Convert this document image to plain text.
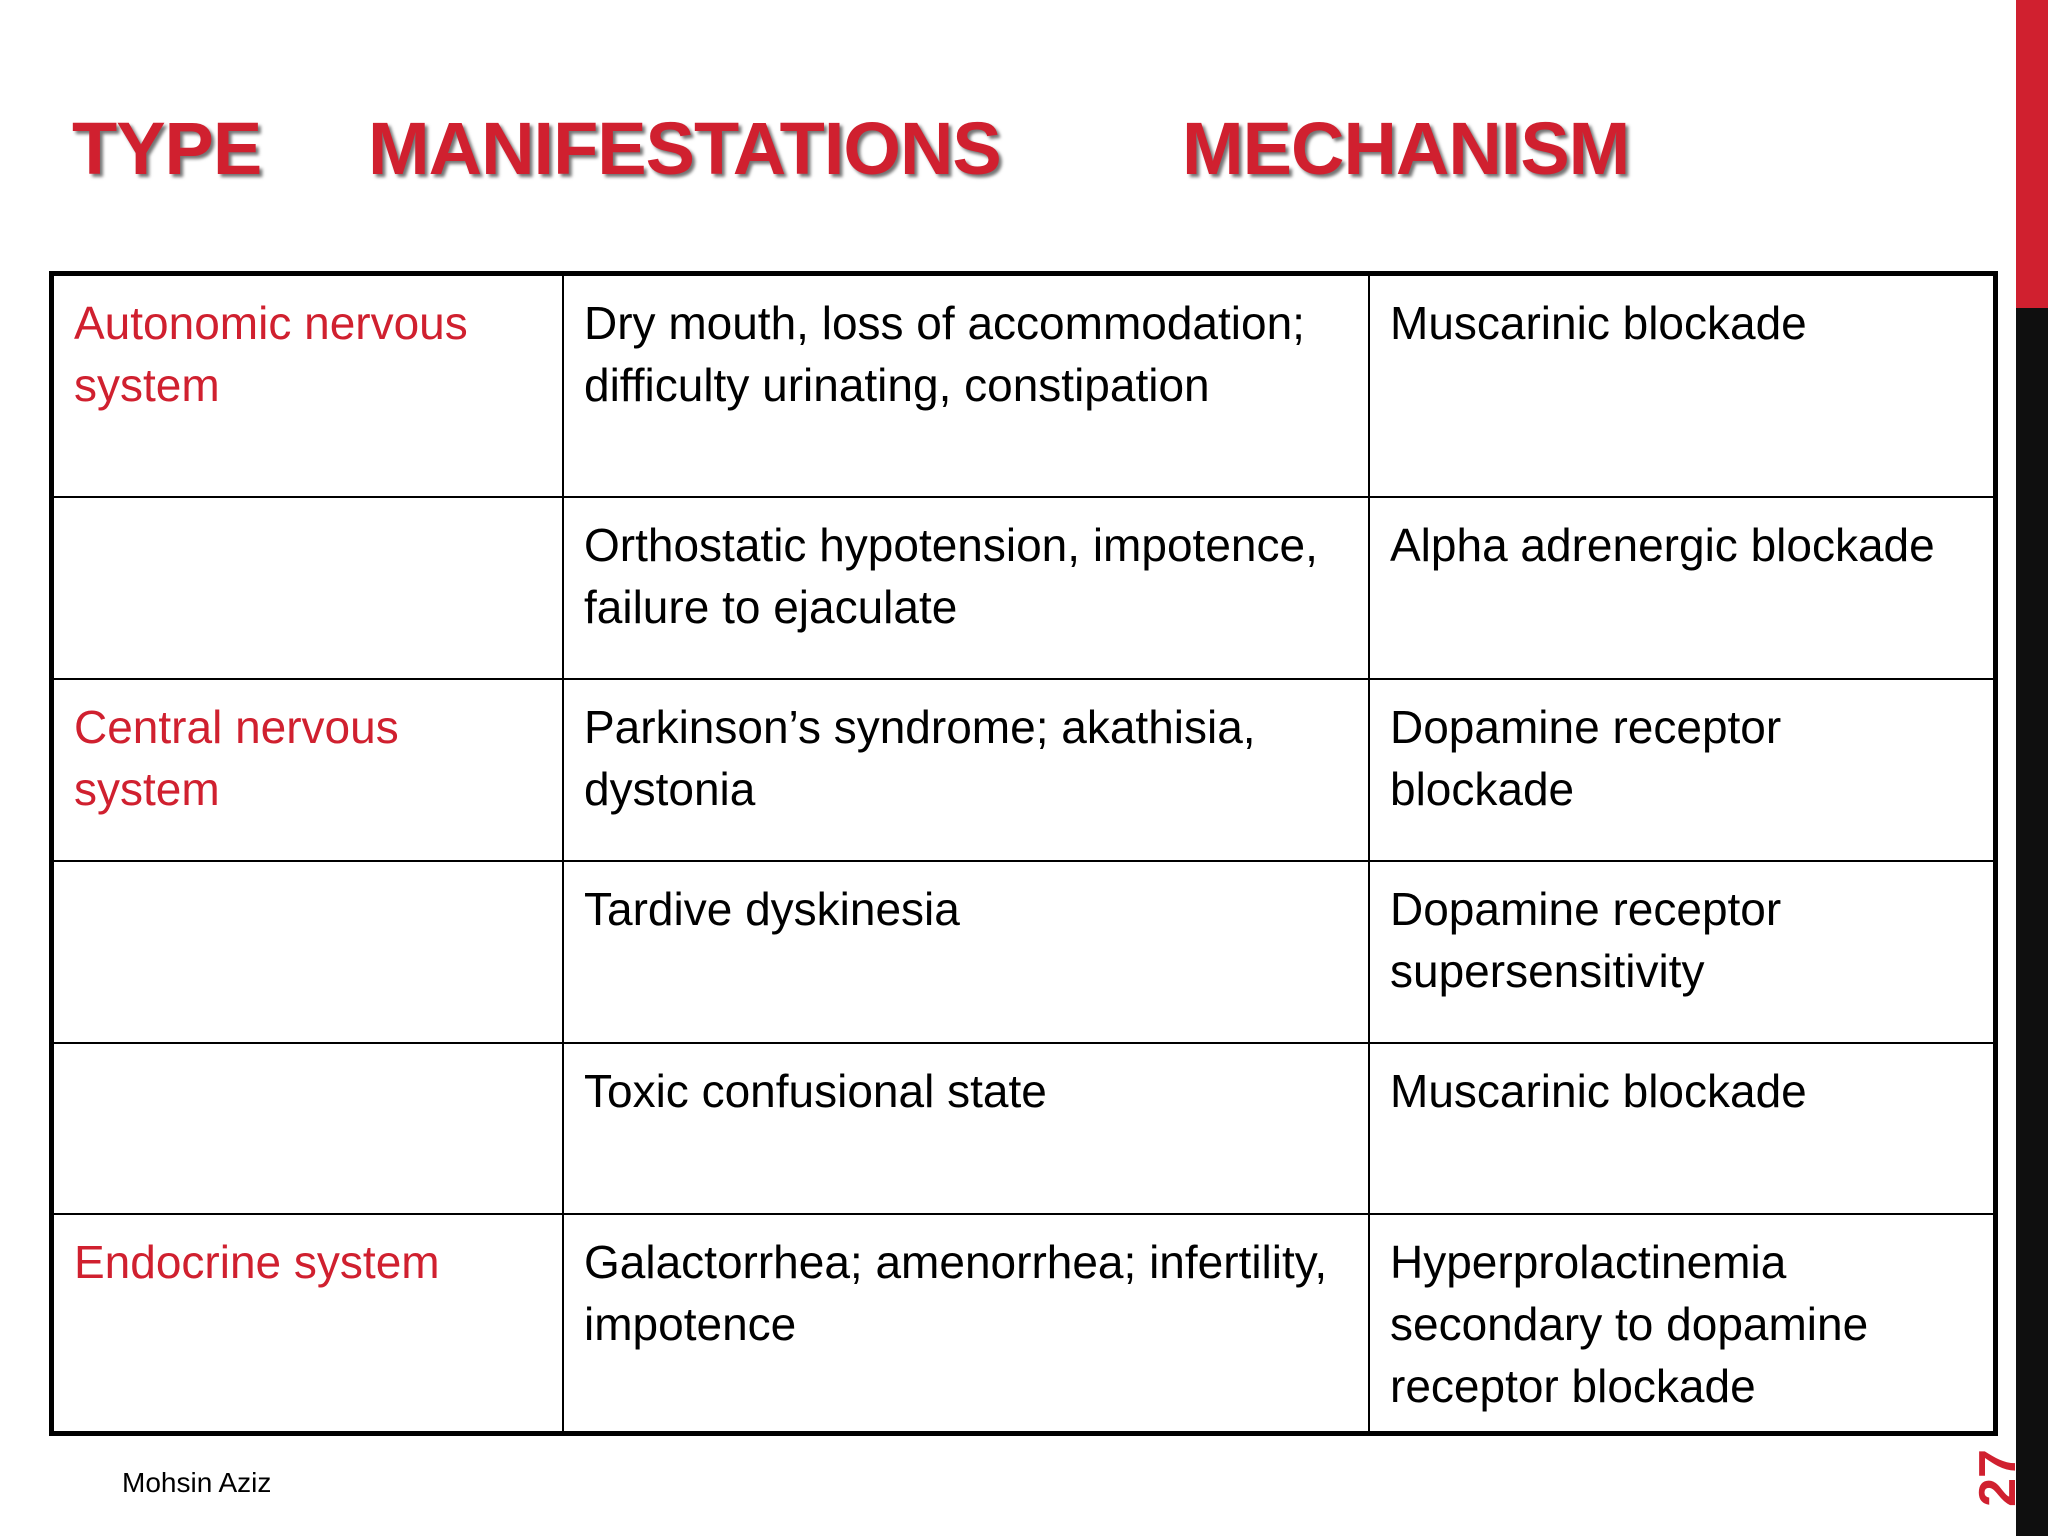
TYPE MANIFESTATIONS MECHANISM
Autonomic nervous system	Dry mouth, loss of accommodation; difficulty urinating, constipation	Muscarinic blockade
	Orthostatic hypotension, impotence, failure to ejaculate	Alpha adrenergic blockade
Central nervous system	Parkinson’s syndrome; akathisia, dystonia	Dopamine receptor blockade
	Tardive dyskinesia	Dopamine receptor supersensitivity
	Toxic confusional state	Muscarinic blockade
Endocrine system	Galactorrhea; amenorrhea; infertility, impotence	Hyperprolactinemia secondary to dopamine receptor blockade
Mohsin Aziz	27
